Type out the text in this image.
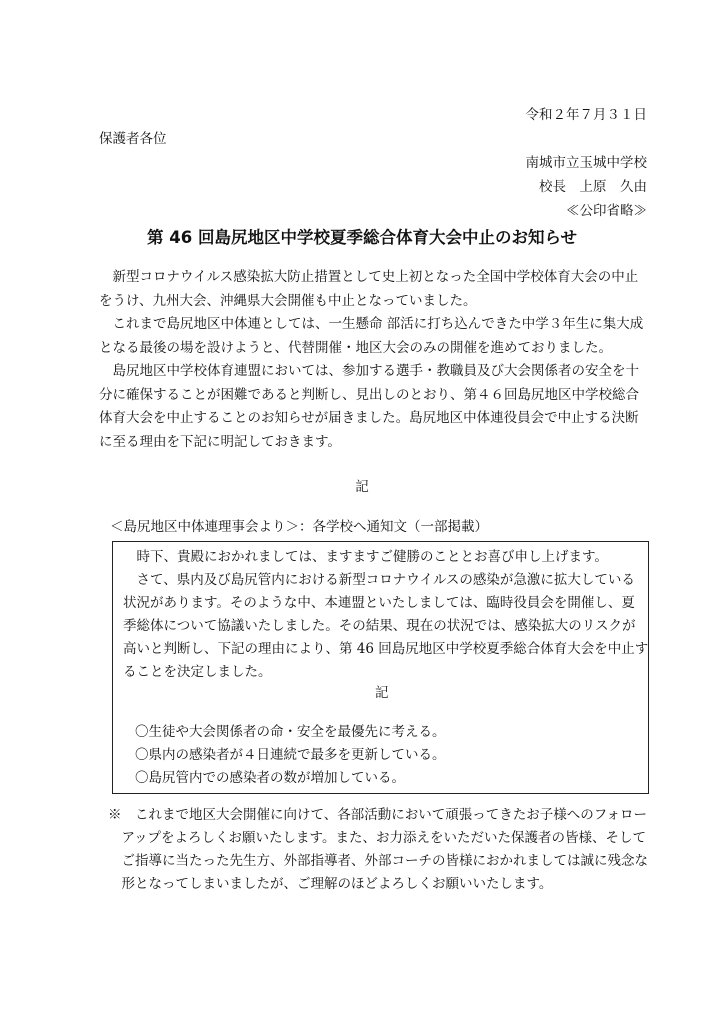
令和２年７月３１日
保護者各位
南城市立玉城中学校
校長　上原　久由
≪公印省略≫
第 46 回島尻地区中学校夏季総合体育大会中止のお知らせ
　新型コロナウイルス感染拡大防止措置として史上初となった全国中学校体育大会の中止
をうけ、九州大会、沖縄県大会開催も中止となっていました。
　これまで島尻地区中体連としては、一生懸命 部活に打ち込んできた中学３年生に集大成
となる最後の場を設けようと、代替開催・地区大会のみの開催を進めておりました。
　島尻地区中学校体育連盟においては、参加する選手・教職員及び大会関係者の安全を十
分に確保することが困難であると判断し、見出しのとおり、第４６回島尻地区中学校総合
体育大会を中止することのお知らせが届きました。島尻地区中体連役員会で中止する決断
に至る理由を下記に明記しておきます。
記
＜島尻地区中体連理事会より＞：各学校へ通知文（一部掲載）
　時下、貴殿におかれましては、ますますご健勝のこととお喜び申し上げます。
　さて、県内及び島尻管内における新型コロナウイルスの感染が急激に拡大している
状況があります。そのような中、本連盟といたしましては、臨時役員会を開催し、夏
季総体について協議いたしました。その結果、現在の状況では、感染拡大のリスクが
高いと判断し、下記の理由により、第 46 回島尻地区中学校夏季総合体育大会を中止す
ることを決定しました。
記
〇生徒や大会関係者の命・安全を最優先に考える。
〇県内の感染者が４日連続で最多を更新している。
〇島尻管内での感染者の数が増加している。
※　これまで地区大会開催に向けて、各部活動において頑張ってきたお子様へのフォロー
　アップをよろしくお願いたします。また、お力添えをいただいた保護者の皆様、そして
　ご指導に当たった先生方、外部指導者、外部コーチの皆様におかれましては誠に残念な
　形となってしまいましたが、ご理解のほどよろしくお願いいたします。
